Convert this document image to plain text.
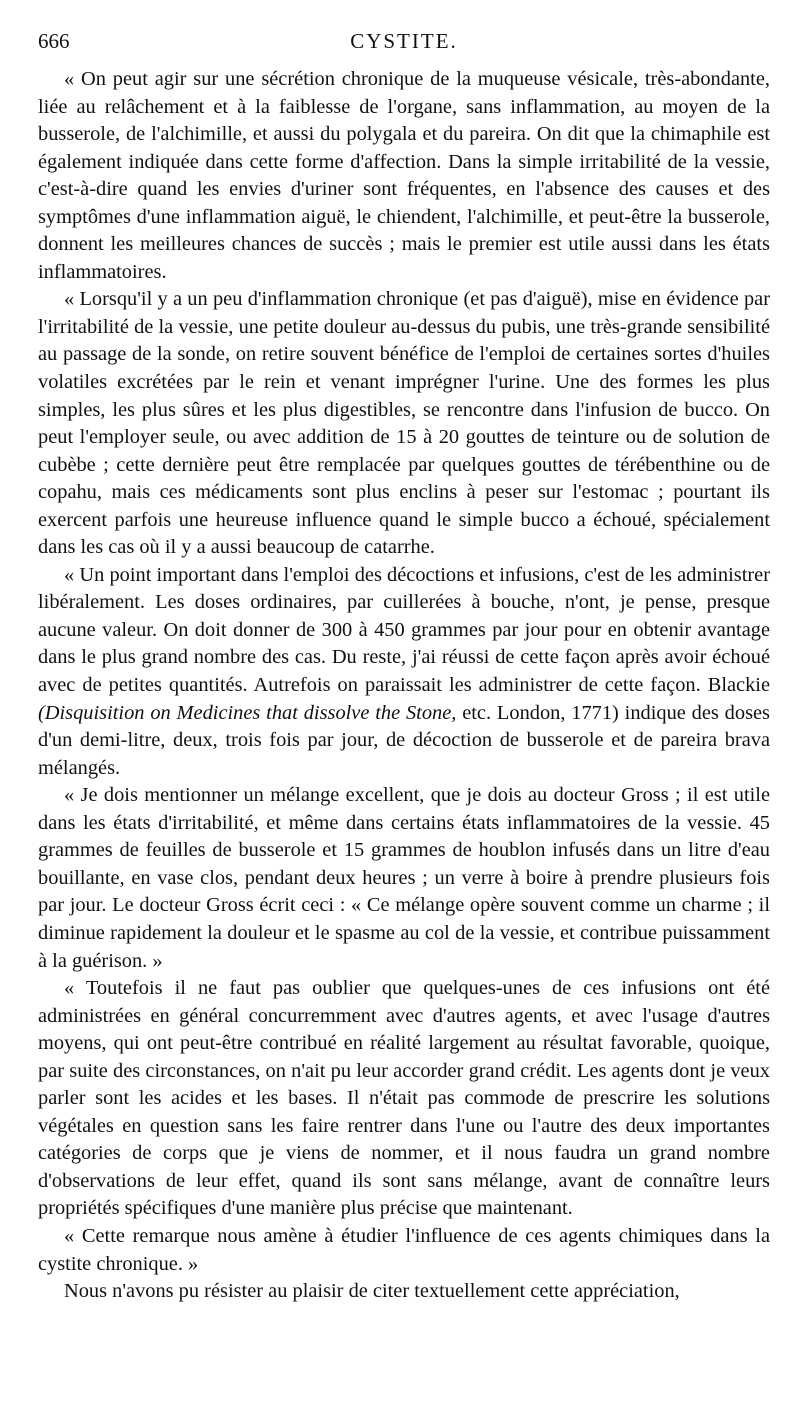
666	CYSTITE.

« On peut agir sur une sécrétion chronique de la muqueuse vésicale, très-abondante, liée au relâchement et à la faiblesse de l'organe, sans inflammation, au moyen de la busserole, de l'alchimille, et aussi du polygala et du pareira. On dit que la chimaphile est également indiquée dans cette forme d'affection. Dans la simple irritabilité de la vessie, c'est-à-dire quand les envies d'uriner sont fréquentes, en l'absence des causes et des symptômes d'une inflammation aiguë, le chiendent, l'alchimille, et peut-être la busserole, donnent les meilleures chances de succès ; mais le premier est utile aussi dans les états inflammatoires.

« Lorsqu'il y a un peu d'inflammation chronique (et pas d'aiguë), mise en évidence par l'irritabilité de la vessie, une petite douleur au-dessus du pubis, une très-grande sensibilité au passage de la sonde, on retire souvent bénéfice de l'emploi de certaines sortes d'huiles volatiles excrétées par le rein et venant imprégner l'urine. Une des formes les plus simples, les plus sûres et les plus digestibles, se rencontre dans l'infusion de bucco. On peut l'employer seule, ou avec addition de 15 à 20 gouttes de teinture ou de solution de cubèbe ; cette dernière peut être remplacée par quelques gouttes de térébenthine ou de copahu, mais ces médicaments sont plus enclins à peser sur l'estomac ; pourtant ils exercent parfois une heureuse influence quand le simple bucco a échoué, spécialement dans les cas où il y a aussi beaucoup de catarrhe.

« Un point important dans l'emploi des décoctions et infusions, c'est de les administrer libéralement. Les doses ordinaires, par cuillerées à bouche, n'ont, je pense, presque aucune valeur. On doit donner de 300 à 450 grammes par jour pour en obtenir avantage dans le plus grand nombre des cas. Du reste, j'ai réussi de cette façon après avoir échoué avec de petites quantités. Autrefois on paraissait les administrer de cette façon. Blackie (Disquisition on Medicines that dissolve the Stone, etc. London, 1771) indique des doses d'un demi-litre, deux, trois fois par jour, de décoction de busserole et de pareira brava mélangés.

« Je dois mentionner un mélange excellent, que je dois au docteur Gross ; il est utile dans les états d'irritabilité, et même dans certains états inflammatoires de la vessie. 45 grammes de feuilles de busserole et 15 grammes de houblon infusés dans un litre d'eau bouillante, en vase clos, pendant deux heures ; un verre à boire à prendre plusieurs fois par jour. Le docteur Gross écrit ceci : « Ce mélange opère souvent comme un charme ; il diminue rapidement la douleur et le spasme au col de la vessie, et contribue puissamment à la guérison. »

« Toutefois il ne faut pas oublier que quelques-unes de ces infusions ont été administrées en général concurremment avec d'autres agents, et avec l'usage d'autres moyens, qui ont peut-être contribué en réalité largement au résultat favorable, quoique, par suite des circonstances, on n'ait pu leur accorder grand crédit. Les agents dont je veux parler sont les acides et les bases. Il n'était pas commode de prescrire les solutions végétales en question sans les faire rentrer dans l'une ou l'autre des deux importantes catégories de corps que je viens de nommer, et il nous faudra un grand nombre d'observations de leur effet, quand ils sont sans mélange, avant de connaître leurs propriétés spécifiques d'une manière plus précise que maintenant.

« Cette remarque nous amène à étudier l'influence de ces agents chimiques dans la cystite chronique. »

Nous n'avons pu résister au plaisir de citer textuellement cette appréciation,
